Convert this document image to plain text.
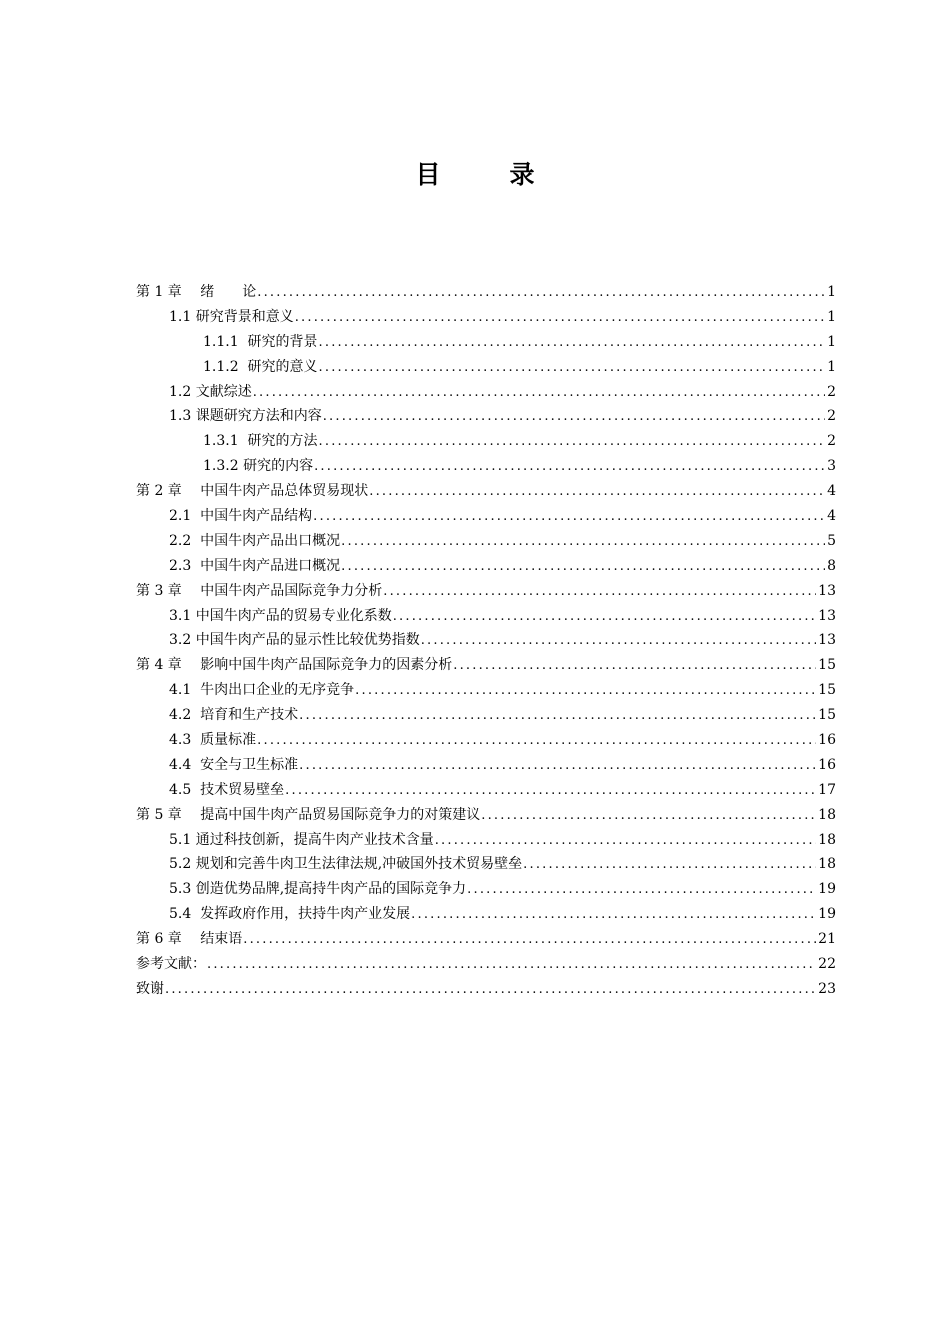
目　录
第 1 章　 绪　　论 .....	1
1.1 研究背景和意义 .....	1
1.1.1  研究的背景 .....	1
1.1.2  研究的意义 .....	1
1.2 文献综述 .....	2
1.3 课题研究方法和内容 .....	2
1.3.1  研究的方法 .....	2
1.3.2 研究的内容 .....	3
第 2 章　 中国牛肉产品总体贸易现状 .....	4
2.1  中国牛肉产品结构 .....	4
2.2  中国牛肉产品出口概况 .....	5
2.3  中国牛肉产品进口概况 .....	8
第 3 章　 中国牛肉产品国际竞争力分析 .....	13
3.1 中国牛肉产品的贸易专业化系数 .....	13
3.2 中国牛肉产品的显示性比较优势指数 .....	13
第 4 章　 影响中国牛肉产品国际竞争力的因素分析 .....	15
4.1  牛肉出口企业的无序竞争 .....	15
4.2  培育和生产技术 .....	15
4.3  质量标准 .....	16
4.4  安全与卫生标准 .....	16
4.5  技术贸易壁垒 .....	17
第 5 章　 提高中国牛肉产品贸易国际竞争力的对策建议 .....	18
5.1 通过科技创新，提高牛肉产业技术含量 .....	18
5.2 规划和完善牛肉卫生法律法规,冲破国外技术贸易壁垒 .....	18
5.3 创造优势品牌,提高持牛肉产品的国际竞争力 .....	19
5.4  发挥政府作用，扶持牛肉产业发展 .....	19
第 6 章　 结束语 .....	21
参考文献： .....	22
致谢 .....	23
